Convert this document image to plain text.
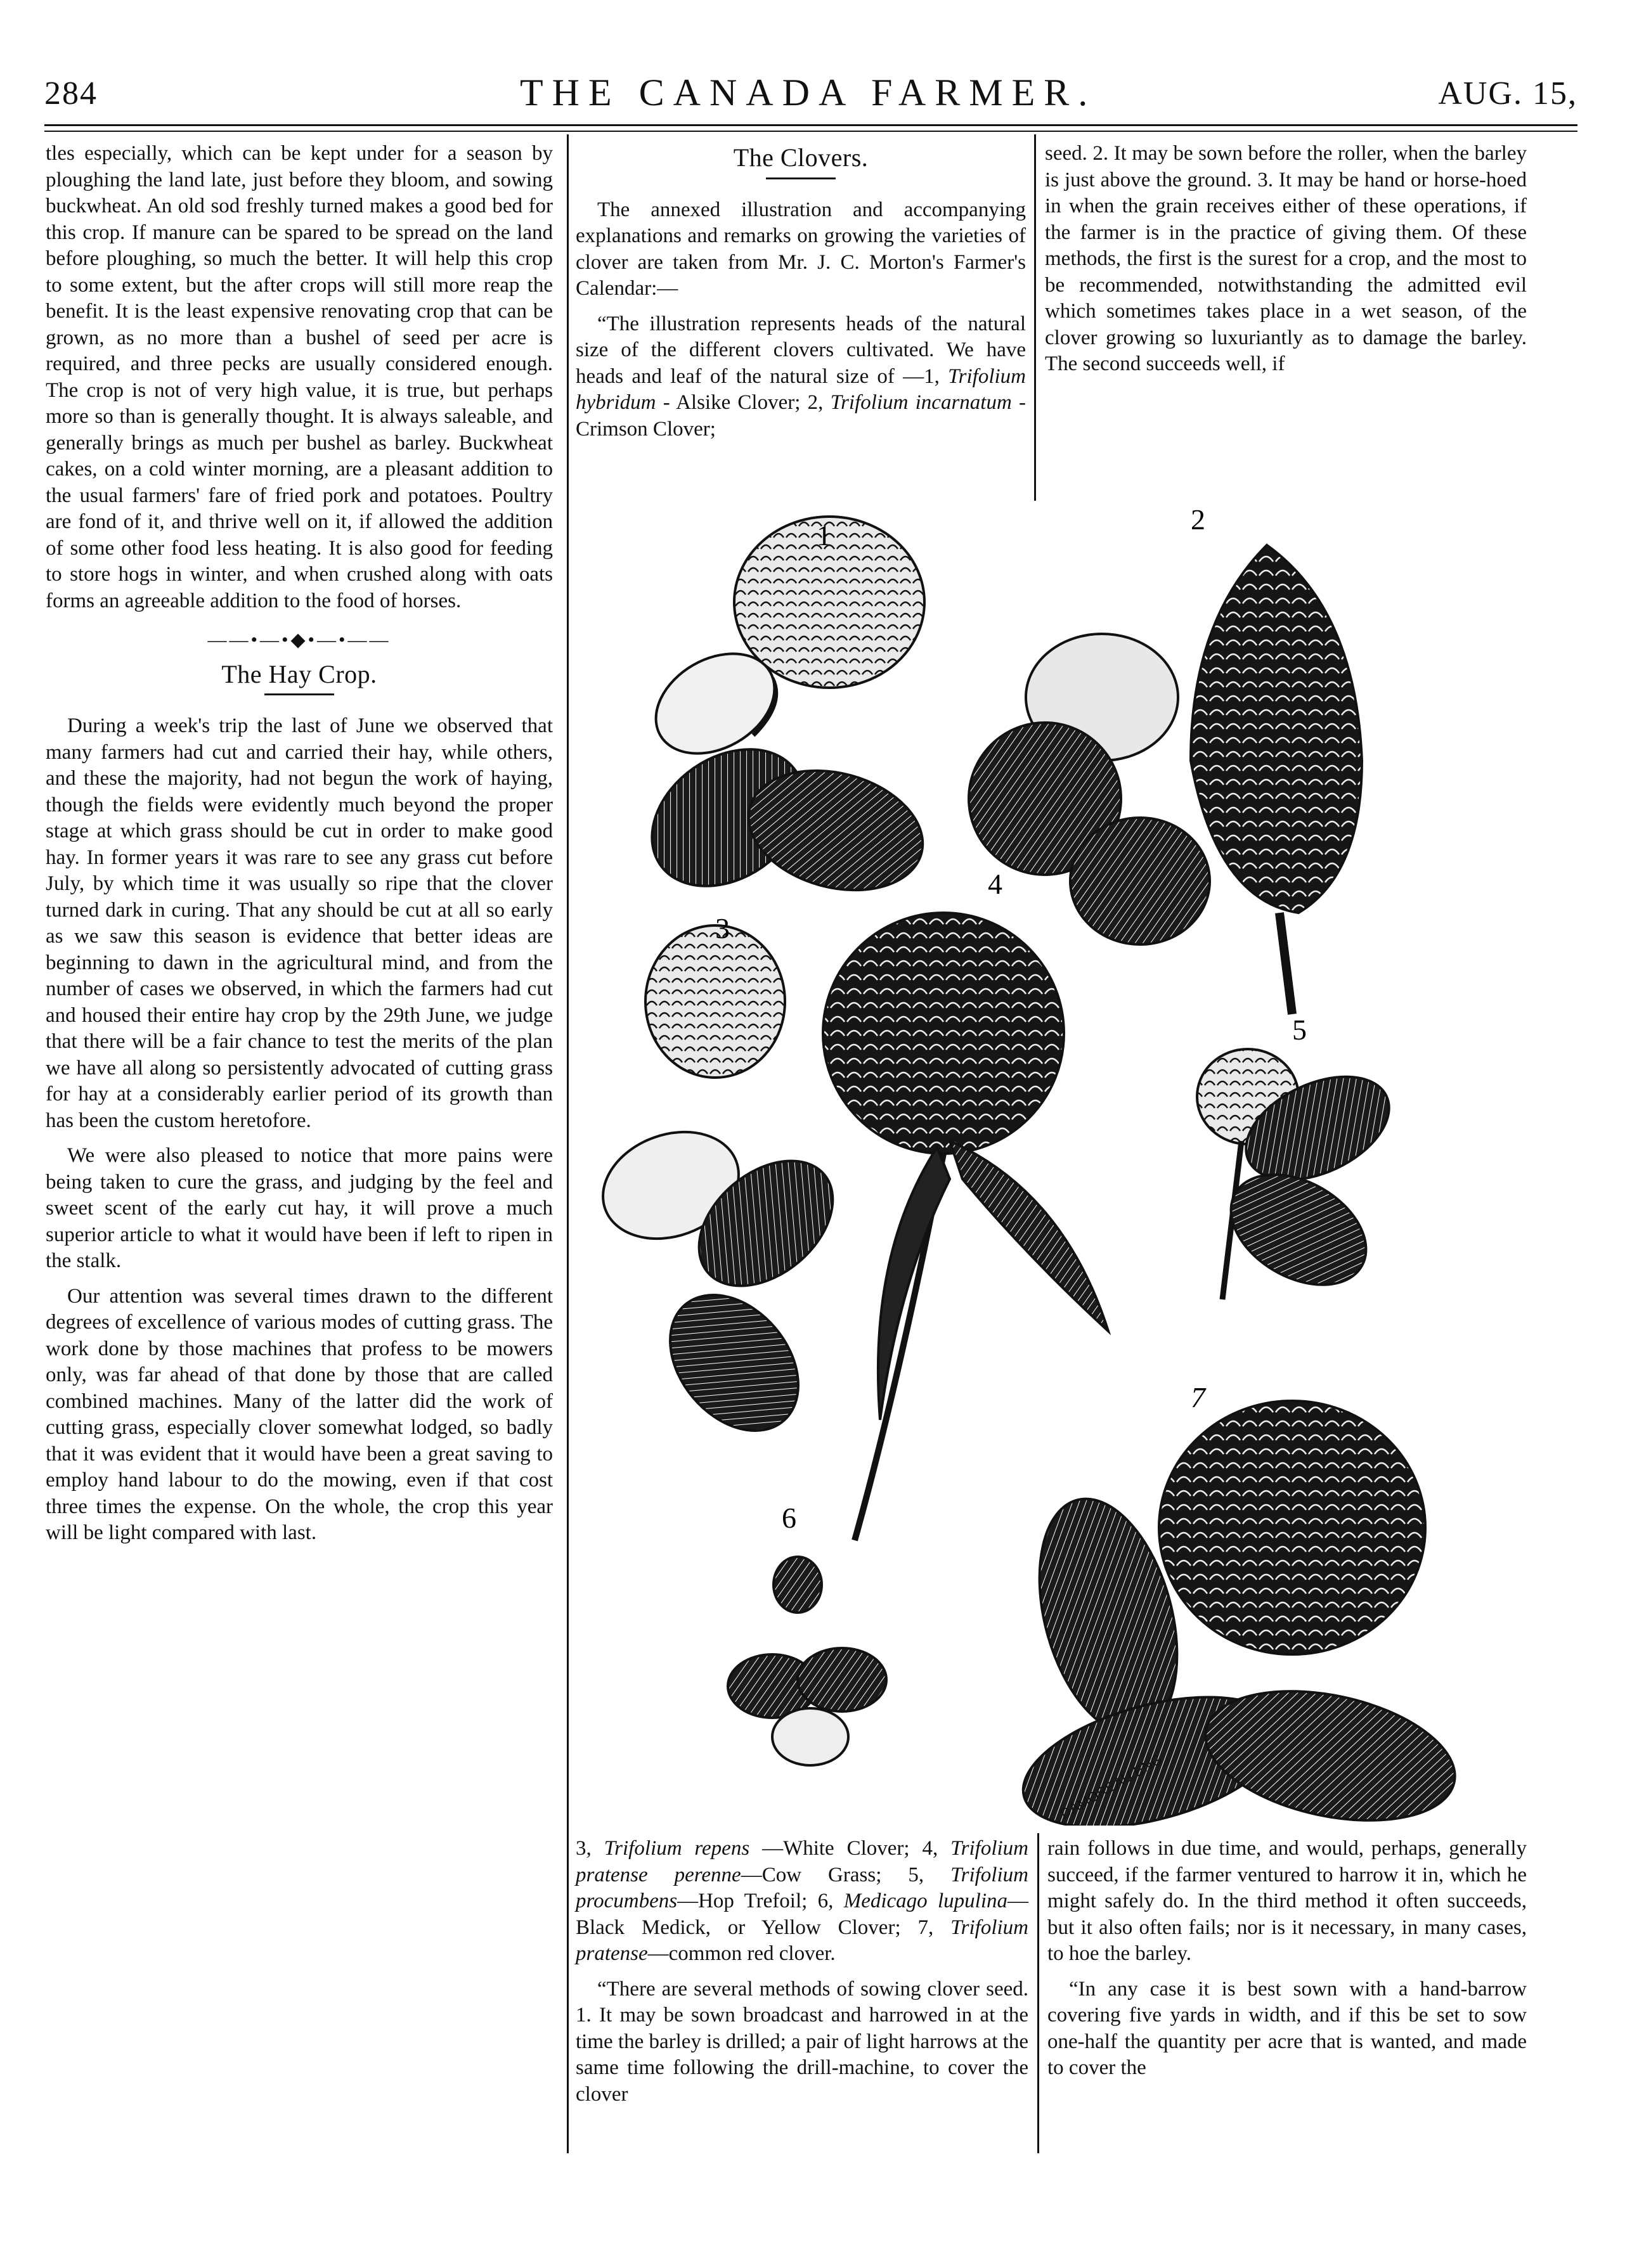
284	THE CANADA FARMER.	AUG. 15,

tles especially, which can be kept under for a season by ploughing the land late, just before they bloom, and sowing buckwheat. An old sod freshly turned makes a good bed for this crop. If manure can be spared to be spread on the land before ploughing, so much the better. It will help this crop to some extent, but the after crops will still more reap the benefit. It is the least expensive renovating crop that can be grown, as no more than a bushel of seed per acre is required, and three pecks are usually considered enough. The crop is not of very high value, it is true, but perhaps more so than is generally thought. It is always saleable, and generally brings as much per bushel as barley. Buckwheat cakes, on a cold winter morning, are a pleasant addition to the usual farmers' fare of fried pork and potatoes. Poultry are fond of it, and thrive well on it, if allowed the addition of some other food less heating. It is also good for feeding to store hogs in winter, and when crushed along with oats forms an agreeable addition to the food of horses.

——•—•◆•—•——
The Hay Crop.

During a week's trip the last of June we observed that many farmers had cut and carried their hay, while others, and these the majority, had not begun the work of haying, though the fields were evidently much beyond the proper stage at which grass should be cut in order to make good hay. In former years it was rare to see any grass cut before July, by which time it was usually so ripe that the clover turned dark in curing. That any should be cut at all so early as we saw this season is evidence that better ideas are beginning to dawn in the agricultural mind, and from the number of cases we observed, in which the farmers had cut and housed their entire hay crop by the 29th June, we judge that there will be a fair chance to test the merits of the plan we have all along so persistently advocated of cutting grass for hay at a considerably earlier period of its growth than has been the custom heretofore.

We were also pleased to notice that more pains were being taken to cure the grass, and judging by the feel and sweet scent of the early cut hay, it will prove a much superior article to what it would have been if left to ripen in the stalk.

Our attention was several times drawn to the different degrees of excellence of various modes of cutting grass. The work done by those machines that profess to be mowers only, was far ahead of that done by those that are called combined machines. Many of the latter did the work of cutting grass, especially clover somewhat lodged, so badly that it was evident that it would have been a great saving to employ hand labour to do the mowing, even if that cost three times the expense. On the whole, the crop this year will be light compared with last.

The Clovers.

The annexed illustration and accompanying explanations and remarks on growing the varieties of clover are taken from Mr. J. C. Morton's Farmer's Calendar:—

“The illustration represents heads of the natural size of the different clovers cultivated. We have heads and leaf of the natural size of —1, Trifolium hybridum - Alsike Clover; 2, Trifolium incarnatum -Crimson Clover;

seed. 2. It may be sown before the roller, when the barley is just above the ground. 3. It may be hand or horse-hoed in when the grain receives either of these operations, if the farmer is in the practice of giving them. Of these methods, the first is the surest for a crop, and the most to be recommended, notwithstanding the admitted evil which sometimes takes place in a wet season, of the clover growing so luxuriantly as to damage the barley. The second succeeds well, if

DAMOREAU ENG
1	2
3
4
5
6
7

3, Trifolium repens —White Clover; 4, Trifolium pratense perenne—Cow Grass; 5, Trifolium procumbens—Hop Trefoil; 6, Medicago lupulina—Black Medick, or Yellow Clover; 7, Trifolium pratense—common red clover.

“There are several methods of sowing clover seed. 1. It may be sown broadcast and harrowed in at the time the barley is drilled; a pair of light harrows at the same time following the drill-machine, to cover the clover

rain follows in due time, and would, perhaps, generally succeed, if the farmer ventured to harrow it in, which he might safely do. In the third method it often succeeds, but it also often fails; nor is it necessary, in many cases, to hoe the barley.

“In any case it is best sown with a hand-barrow covering five yards in width, and if this be set to sow one-half the quantity per acre that is wanted, and made to cover the
